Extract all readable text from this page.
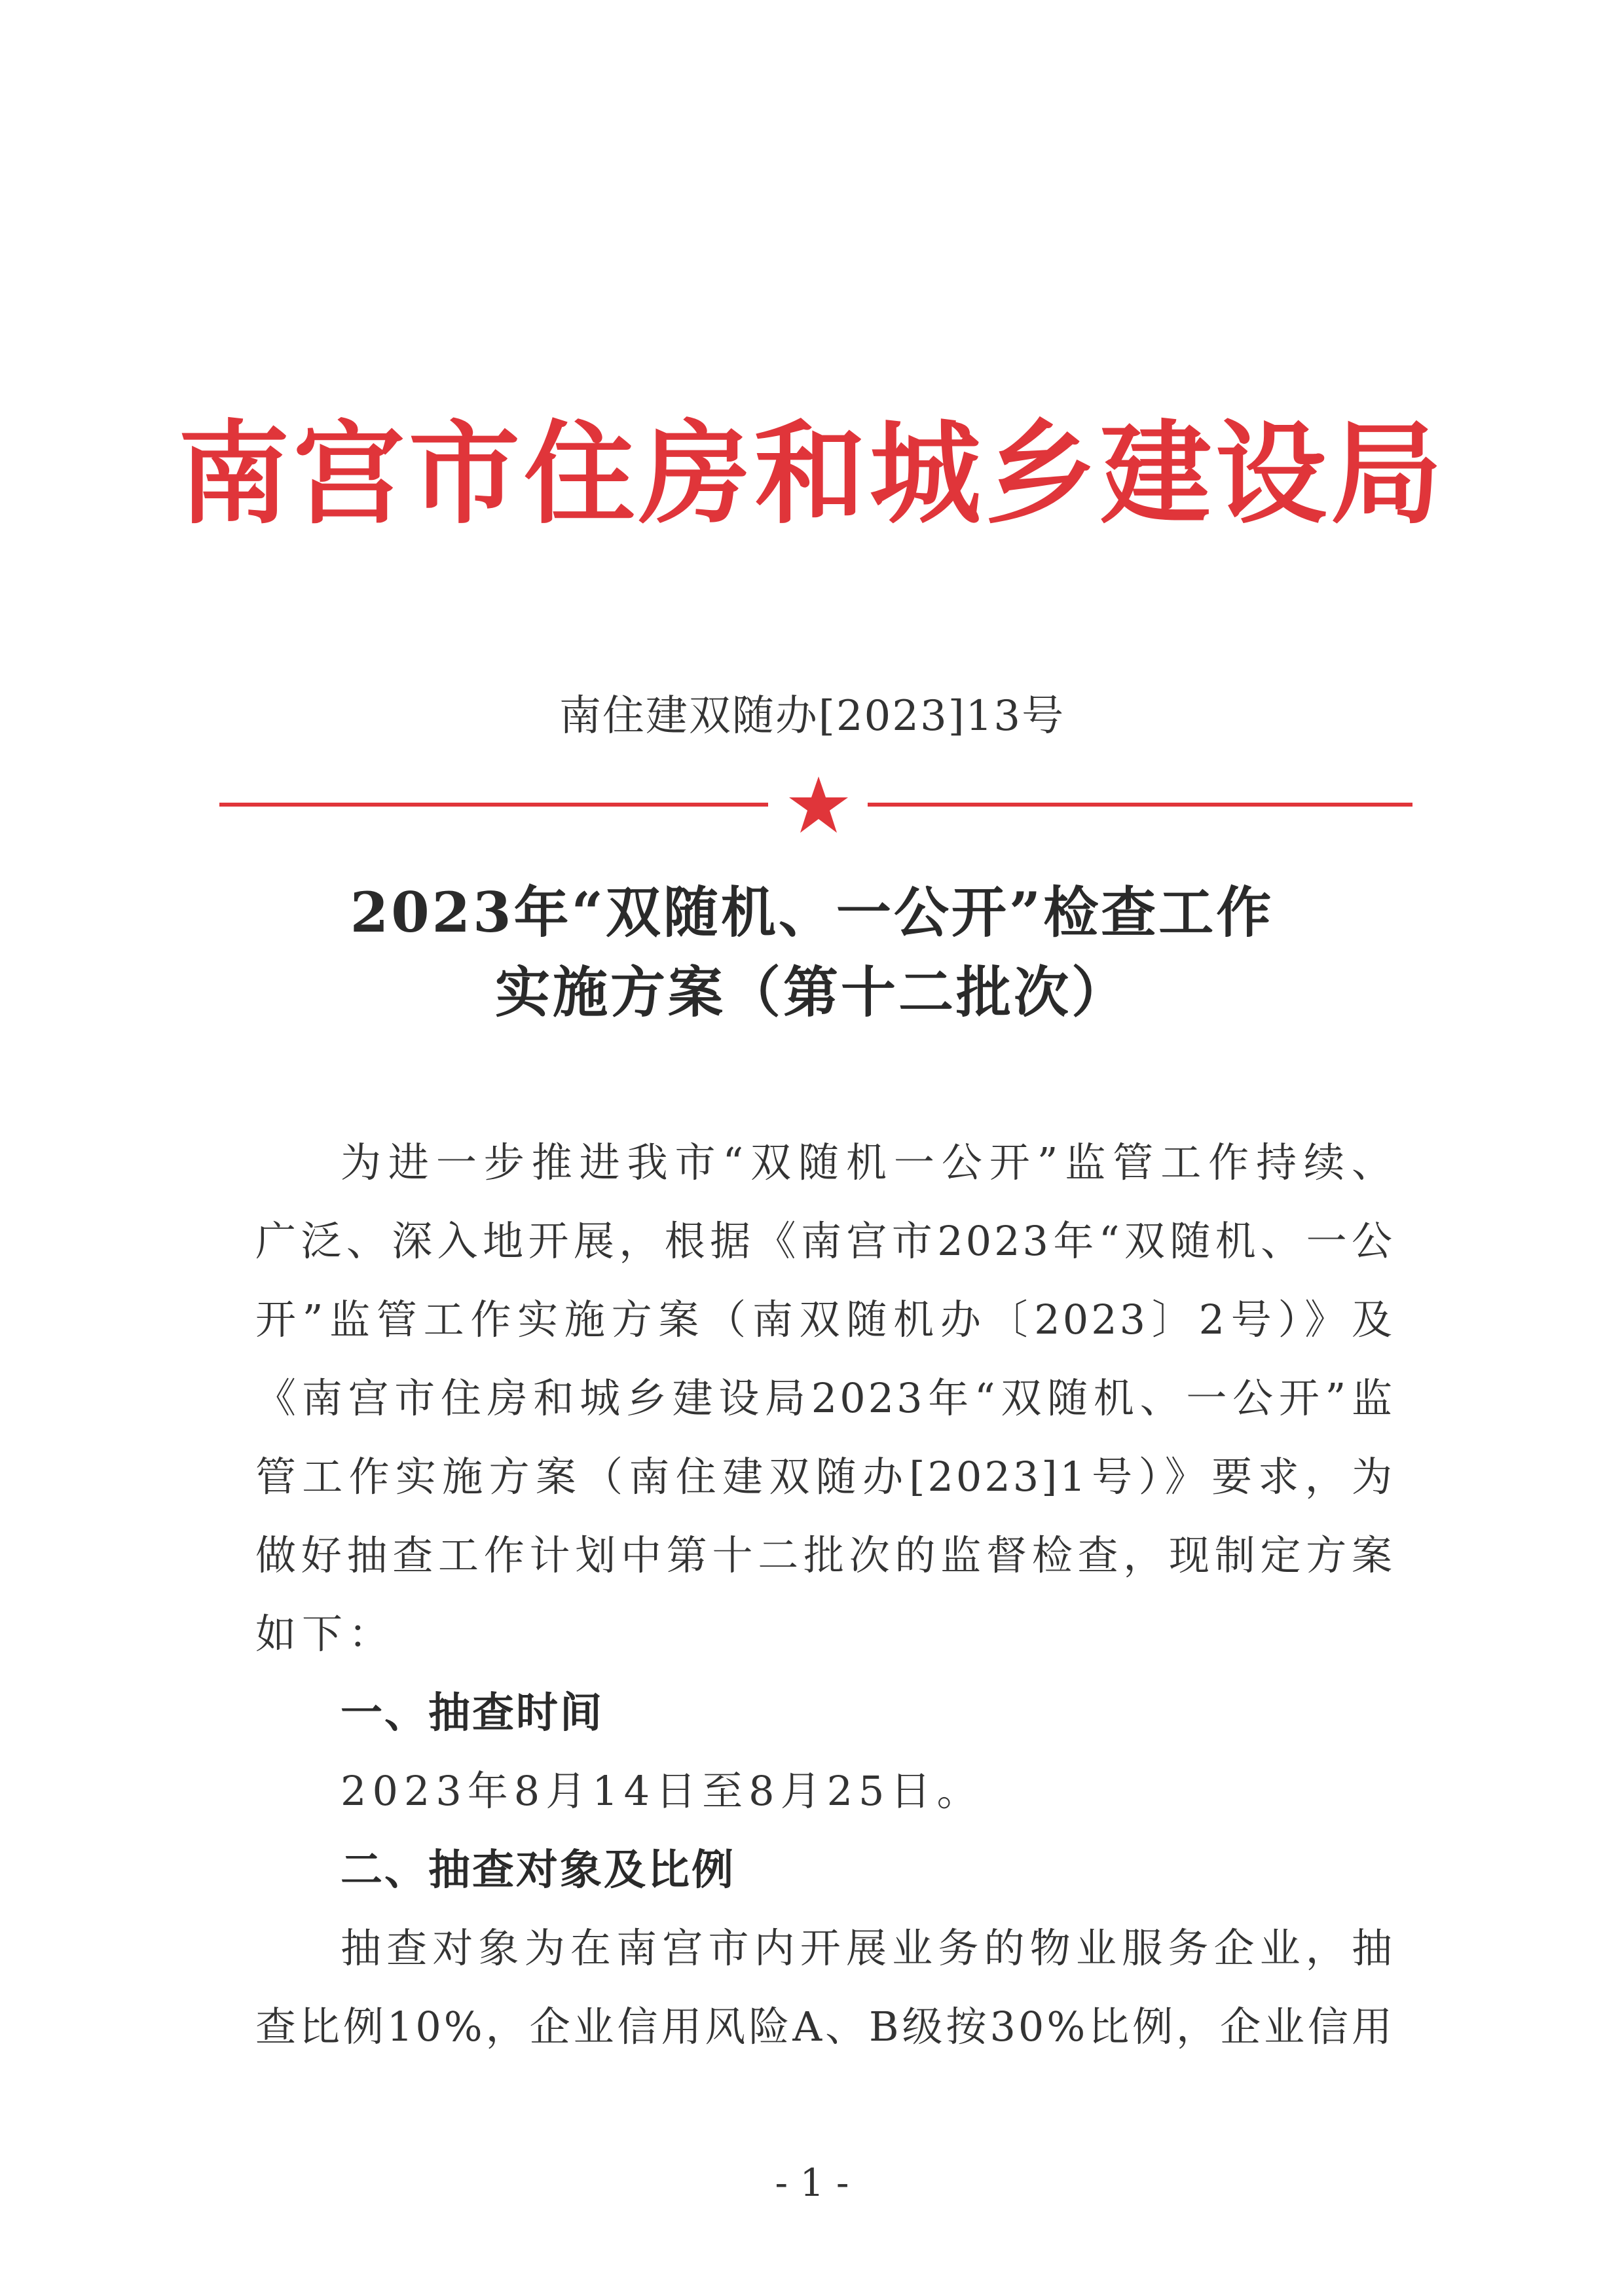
南宫市住房和城乡建设局
南住建双随办[2023]13号
2023年“双随机、一公开”检查工作
实施方案（第十二批次）
为进一步推进我市“双随机一公开”监管工作持续、
广泛、深入地开展，根据《南宫市2023年“双随机、一公
开”监管工作实施方案（南双随机办〔2023〕2号）》及
《南宫市住房和城乡建设局2023年“双随机、一公开”监
管工作实施方案（南住建双随办[2023]1号）》要求，为
做好抽查工作计划中第十二批次的监督检查，现制定方案
如下：
一、抽查时间
2023年8月14日至8月25日。
二、抽查对象及比例
抽查对象为在南宫市内开展业务的物业服务企业，抽
查比例10%，企业信用风险A、B级按30%比例，企业信用
- 1 -
